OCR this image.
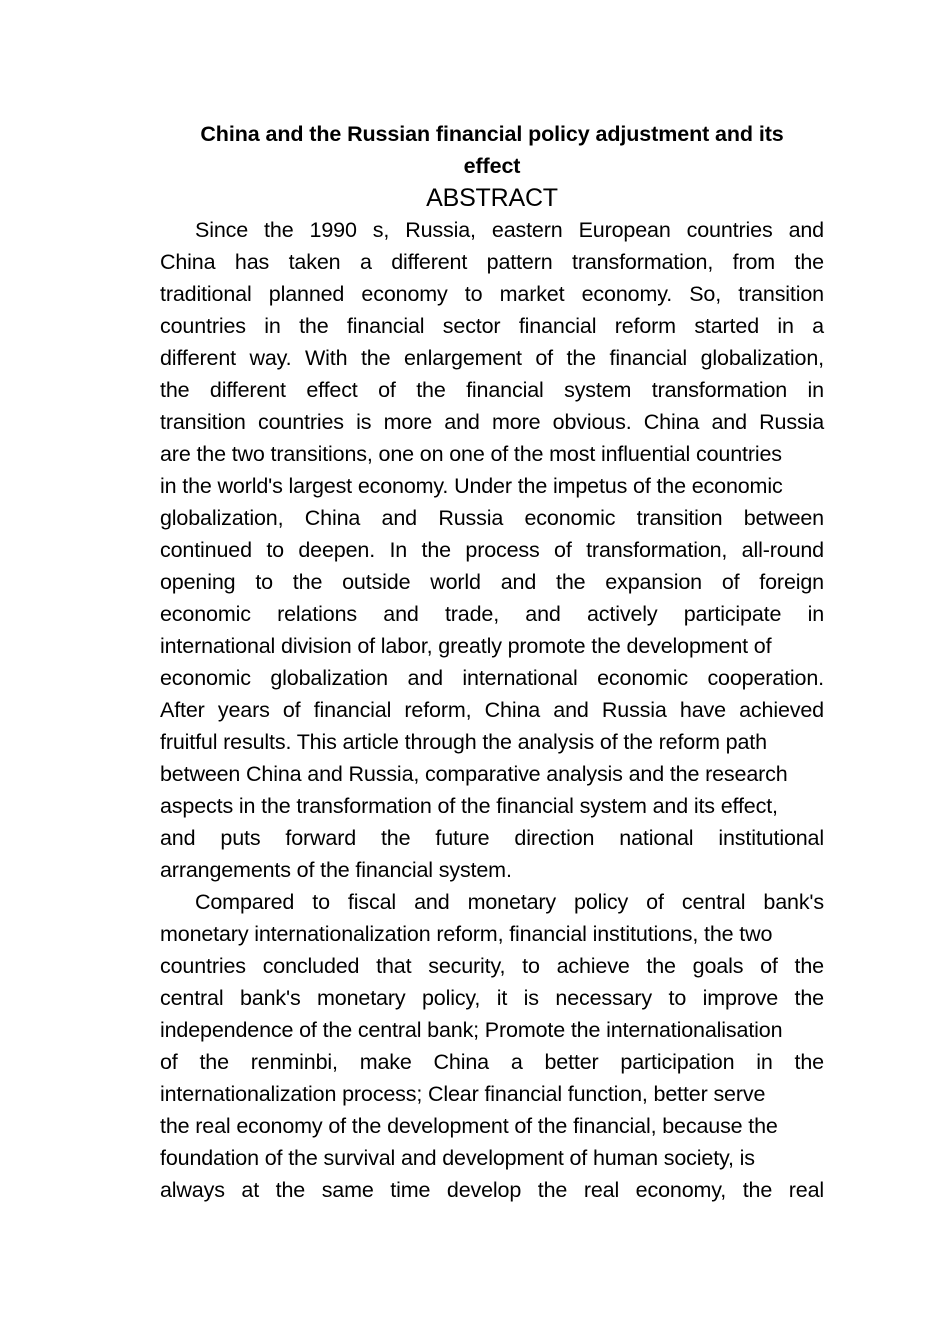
China and the Russian financial policy adjustment and its
effect
ABSTRACT

Since the 1990 s, Russia, eastern European countries and
China has taken a different pattern transformation, from the
traditional planned economy to market economy. So, transition
countries in the financial sector financial reform started in a
different way. With the enlargement of the financial globalization,
the different effect of the financial system transformation in
transition countries is more and more obvious. China and Russia
are the two transitions, one on one of the most influential countries
in the world's largest economy. Under the impetus of the economic
globalization, China and Russia economic transition between
continued to deepen. In the process of transformation, all-round
opening to the outside world and the expansion of foreign
economic relations and trade, and actively participate in
international division of labor, greatly promote the development of
economic globalization and international economic cooperation.
After years of financial reform, China and Russia have achieved
fruitful results. This article through the analysis of the reform path
between China and Russia, comparative analysis and the research
aspects in the transformation of the financial system and its effect,
and puts forward the future direction national institutional
arrangements of the financial system.

Compared to fiscal and monetary policy of central bank's
monetary internationalization reform, financial institutions, the two
countries concluded that security, to achieve the goals of the
central bank's monetary policy, it is necessary to improve the
independence of the central bank; Promote the internationalisation
of the renminbi, make China a better participation in the
internationalization process; Clear financial function, better serve
the real economy of the development of the financial, because the
foundation of the survival and development of human society, is
always at the same time develop the real economy, the real
